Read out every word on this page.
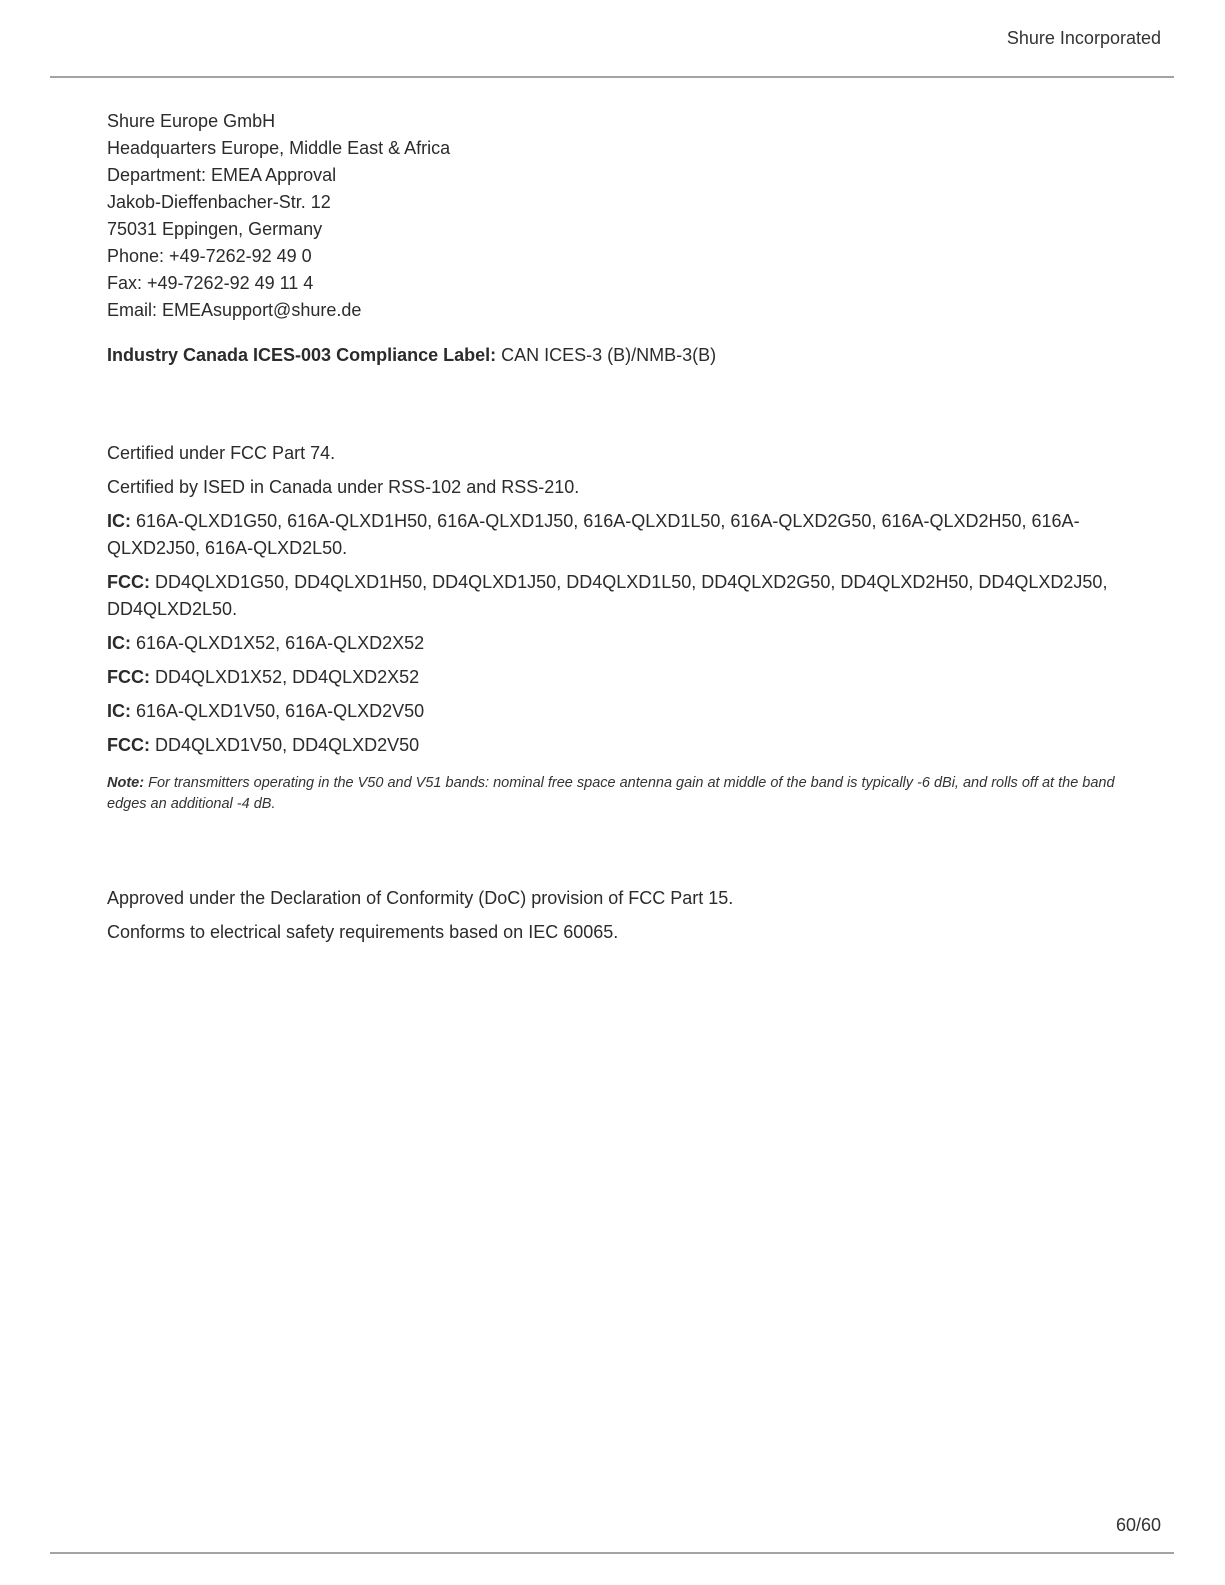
Shure Incorporated
Shure Europe GmbH
Headquarters Europe, Middle East & Africa
Department: EMEA Approval
Jakob-Dieffenbacher-Str. 12
75031 Eppingen, Germany
Phone: +49-7262-92 49 0
Fax: +49-7262-92 49 11 4
Email: EMEAsupport@shure.de

Industry Canada ICES-003 Compliance Label: CAN ICES-3 (B)/NMB-3(B)

Certified under FCC Part 74.

Certified by ISED in Canada under RSS-102 and RSS-210.

IC: 616A-QLXD1G50, 616A-QLXD1H50, 616A-QLXD1J50, 616A-QLXD1L50, 616A-QLXD2G50, 616A-QLXD2H50, 616A-QLXD2J50, 616A-QLXD2L50.

FCC: DD4QLXD1G50, DD4QLXD1H50, DD4QLXD1J50, DD4QLXD1L50, DD4QLXD2G50, DD4QLXD2H50, DD4QLXD2J50, DD4QLXD2L50.

IC: 616A-QLXD1X52, 616A-QLXD2X52

FCC: DD4QLXD1X52, DD4QLXD2X52

IC: 616A-QLXD1V50, 616A-QLXD2V50

FCC: DD4QLXD1V50, DD4QLXD2V50

Note: For transmitters operating in the V50 and V51 bands: nominal free space antenna gain at middle of the band is typically -6 dBi, and rolls off at the band edges an additional -4 dB.

Approved under the Declaration of Conformity (DoC) provision of FCC Part 15.

Conforms to electrical safety requirements based on IEC 60065.

60/60
